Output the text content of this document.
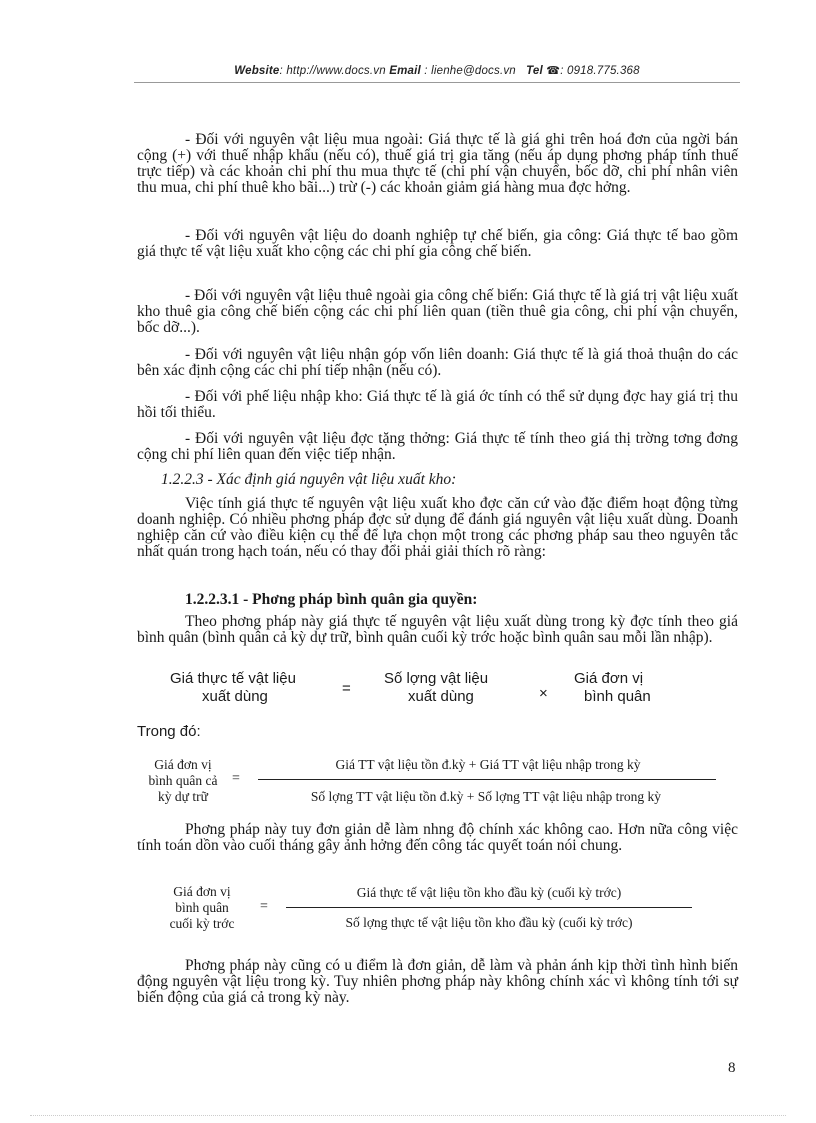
Website: http://www.docs.vn Email : lienhe@docs.vn Tel ☎: 0918.775.368
- Đối với nguyên vật liệu mua ngoài: Giá thực tế là giá ghi trên hoá đơn của ngời bán cộng (+) với thuế nhập khẩu (nếu có), thuế giá trị gia tăng (nếu áp dụng phơng pháp tính thuế trực tiếp) và các khoản chi phí thu mua thực tế (chi phí vận chuyển, bốc dỡ, chi phí nhân viên thu mua, chi phí thuê kho bãi...) trừ (-) các khoản giảm giá hàng mua đợc hởng.
- Đối với nguyên vật liệu do doanh nghiệp tự chế biến, gia công: Giá thực tế bao gồm giá thực tế vật liệu xuất kho cộng các chi phí gia công chế biến.
- Đối với nguyên vật liệu thuê ngoài gia công chế biến: Giá thực tế là giá trị vật liệu xuất kho thuê gia công chế biến cộng các chi phí liên quan (tiền thuê gia công, chi phí vận chuyển, bốc dỡ...).
- Đối với nguyên vật liệu nhận góp vốn liên doanh: Giá thực tế là giá thoả thuận do các bên xác định cộng các chi phí tiếp nhận (nếu có).
- Đối với phế liệu nhập kho: Giá thực tế là giá ớc tính có thể sử dụng đợc hay giá trị thu hồi tối thiểu.
- Đối với nguyên vật liệu đợc tặng thởng: Giá thực tế tính theo giá thị trờng tơng đơng cộng chi phí liên quan đến việc tiếp nhận.
1.2.2.3 - Xác định giá nguyên vật liệu xuất kho:
Việc tính giá thực tế nguyên vật liệu xuất kho đợc căn cứ vào đặc điểm hoạt động từng doanh nghiệp. Có nhiều phơng pháp đợc sử dụng để đánh giá nguyên vật liệu xuất dùng. Doanh nghiệp căn cứ vào điều kiện cụ thể để lựa chọn một trong các phơng pháp sau theo nguyên tắc nhất quán trong hạch toán, nếu có thay đổi phải giải thích rõ ràng:
1.2.2.3.1 - Phơng pháp bình quân gia quyền:
Theo phơng pháp này giá thực tế nguyên vật liệu xuất dùng trong kỳ đợc tính theo giá bình quân (bình quân cả kỳ dự trữ, bình quân cuối kỳ trớc hoặc bình quân sau mỗi lần nhập).
Giá thực tế vật liệu
xuất dùng	=
Số lợng vật liệu
xuất dùng	×
Giá đơn vị
bình quân
Trong đó:
Giá đơn vị
bình quân cả
kỳ dự trữ
=
Giá TT vật liệu tồn đ.kỳ + Giá TT vật liệu nhập trong kỳ
Số lợng TT vật liệu tồn đ.kỳ + Số lợng TT vật liệu nhập trong kỳ
Phơng pháp này tuy đơn giản dễ làm nhng độ chính xác không cao. Hơn nữa công việc tính toán dồn vào cuối tháng gây ảnh hởng đến công tác quyết toán nói chung.
Giá đơn vị
bình quân
cuối kỳ trớc
=
Giá thực tế vật liệu tồn kho đầu kỳ (cuối kỳ trớc)
Số lợng thực tế vật liệu tồn kho đầu kỳ (cuối kỳ trớc)
Phơng pháp này cũng có u điểm là đơn giản, dễ làm và phản ánh kịp thời tình hình biến động nguyên vật liệu trong kỳ. Tuy nhiên phơng pháp này không chính xác vì không tính tới sự biến động của giá cả trong kỳ này.
8
